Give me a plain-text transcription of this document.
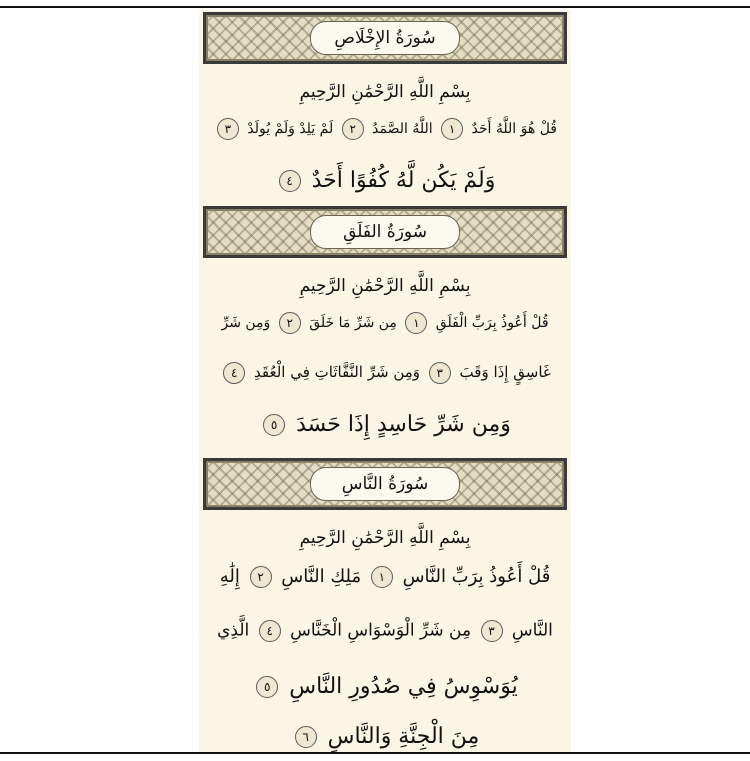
سُورَةُ الإِخْلَاصِ
بِسْمِ اللَّهِ الرَّحْمَٰنِ الرَّحِيمِ
قُلْ هُوَ اللَّهُ أَحَدٌ ١ اللَّهُ الصَّمَدُ ٢ لَمْ يَلِدْ وَلَمْ يُولَدْ ٣
وَلَمْ يَكُن لَّهُ كُفُوًا أَحَدٌ ٤
سُورَةُ الفَلَقِ
بِسْمِ اللَّهِ الرَّحْمَٰنِ الرَّحِيمِ
قُلْ أَعُوذُ بِرَبِّ الْفَلَقِ ١ مِن شَرِّ مَا خَلَقَ ٢ وَمِن شَرِّ
غَاسِقٍ إِذَا وَقَبَ ٣ وَمِن شَرِّ النَّفَّاثَاتِ فِي الْعُقَدِ ٤
وَمِن شَرِّ حَاسِدٍ إِذَا حَسَدَ ٥
سُورَةُ النَّاسِ
بِسْمِ اللَّهِ الرَّحْمَٰنِ الرَّحِيمِ
قُلْ أَعُوذُ بِرَبِّ النَّاسِ ١ مَلِكِ النَّاسِ ٢ إِلَٰهِ
النَّاسِ ٣ مِن شَرِّ الْوَسْوَاسِ الْخَنَّاسِ ٤ الَّذِي
يُوَسْوِسُ فِي صُدُورِ النَّاسِ ٥
مِنَ الْجِنَّةِ وَالنَّاسِ ٦
